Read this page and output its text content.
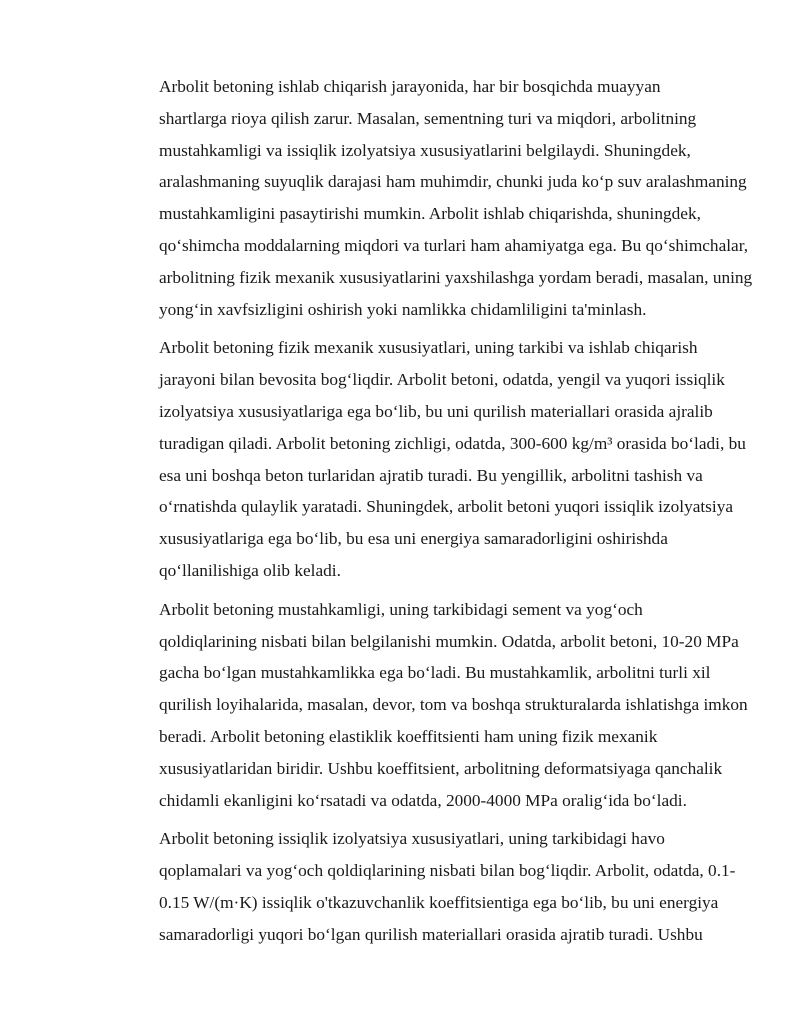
Arbolit betoning ishlab chiqarish jarayonida, har bir bosqichda muayyan
shartlarga rioya qilish zarur. Masalan, sementning turi va miqdori, arbolitning
mustahkamligi va issiqlik izolyatsiya xususiyatlarini belgilaydi. Shuningdek,
aralashmaning suyuqlik darajasi ham muhimdir, chunki juda ko‘p suv aralashmaning
mustahkamligini pasaytirishi mumkin. Arbolit ishlab chiqarishda, shuningdek,
qo‘shimcha moddalarning miqdori va turlari ham ahamiyatga ega. Bu qo‘shimchalar,
arbolitning fizik mexanik xususiyatlarini yaxshilashga yordam beradi, masalan, uning
yong‘in xavfsizligini oshirish yoki namlikka chidamliligini ta'minlash.

Arbolit betoning fizik mexanik xususiyatlari, uning tarkibi va ishlab chiqarish
jarayoni bilan bevosita bog‘liqdir. Arbolit betoni, odatda, yengil va yuqori issiqlik
izolyatsiya xususiyatlariga ega bo‘lib, bu uni qurilish materiallari orasida ajralib
turadigan qiladi. Arbolit betoning zichligi, odatda, 300-600 kg/m³ orasida bo‘ladi, bu
esa uni boshqa beton turlaridan ajratib turadi. Bu yengillik, arbolitni tashish va
o‘rnatishda qulaylik yaratadi. Shuningdek, arbolit betoni yuqori issiqlik izolyatsiya
xususiyatlariga ega bo‘lib, bu esa uni energiya samaradorligini oshirishda
qo‘llanilishiga olib keladi.

Arbolit betoning mustahkamligi, uning tarkibidagi sement va yog‘och
qoldiqlarining nisbati bilan belgilanishi mumkin. Odatda, arbolit betoni, 10-20 MPa
gacha bo‘lgan mustahkamlikka ega bo‘ladi. Bu mustahkamlik, arbolitni turli xil
qurilish loyihalarida, masalan, devor, tom va boshqa strukturalarda ishlatishga imkon
beradi. Arbolit betoning elastiklik koeffitsienti ham uning fizik mexanik
xususiyatlaridan biridir. Ushbu koeffitsient, arbolitning deformatsiyaga qanchalik
chidamli ekanligini ko‘rsatadi va odatda, 2000-4000 MPa oralig‘ida bo‘ladi.

Arbolit betoning issiqlik izolyatsiya xususiyatlari, uning tarkibidagi havo
qoplamalari va yog‘och qoldiqlarining nisbati bilan bog‘liqdir. Arbolit, odatda, 0.1-
0.15 W/(m·K) issiqlik o'tkazuvchanlik koeffitsientiga ega bo‘lib, bu uni energiya
samaradorligi yuqori bo‘lgan qurilish materiallari orasida ajratib turadi. Ushbu
